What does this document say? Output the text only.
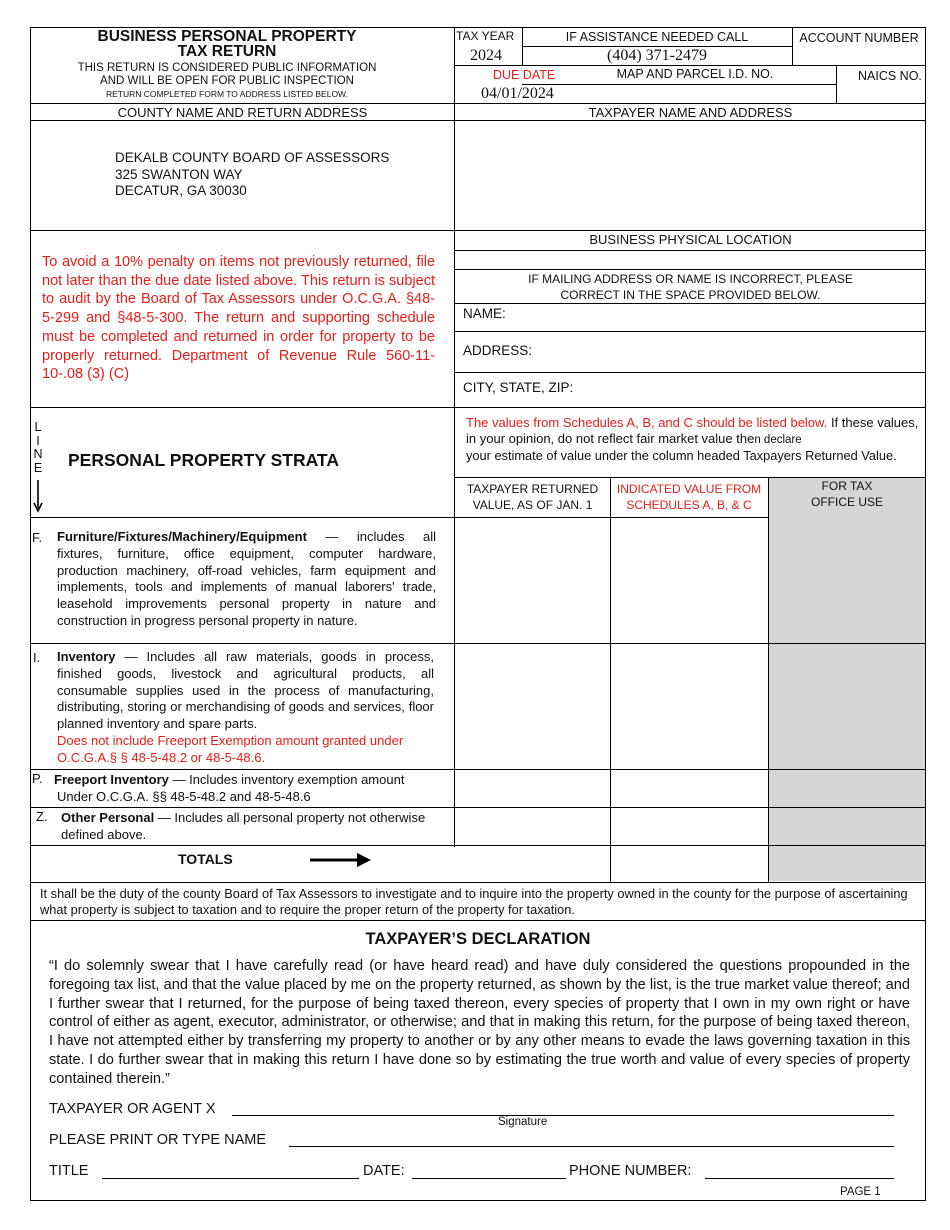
BUSINESS PERSONAL PROPERTY
TAX RETURN
THIS RETURN IS CONSIDERED PUBLIC INFORMATION
AND WILL BE OPEN FOR PUBLIC INSPECTION
RETURN COMPLETED FORM TO ADDRESS LISTED BELOW.
TAX YEAR
2024
IF ASSISTANCE NEEDED CALL
(404) 371-2479
ACCOUNT NUMBER
DUE DATE
04/01/2024
MAP AND PARCEL I.D. NO.	NAICS NO.
COUNTY NAME AND RETURN ADDRESS	TAXPAYER NAME AND ADDRESS
DEKALB COUNTY BOARD OF ASSESSORS
325 SWANTON WAY
DECATUR, GA 30030
To avoid a 10% penalty on items not previously returned, file not later than the due date listed above. This return is subject to audit by the Board of Tax Assessors under O.C.G.A. §48-5-299 and §48-5-300. The return and supporting schedule must be completed and returned in order for property to be properly returned. Department of Revenue Rule 560-11-10-.08 (3) (C)
BUSINESS PHYSICAL LOCATION
IF MAILING ADDRESS OR NAME IS INCORRECT, PLEASE
CORRECT IN THE SPACE PROVIDED BELOW.
NAME:
ADDRESS:
CITY, STATE, ZIP:
L
I
N
E PERSONAL PROPERTY STRATA
The values from Schedules A, B, and C should be listed below. If these values, in your opinion, do not reflect fair market value then declare
your estimate of value under the column headed Taxpayers Returned Value.
TAXPAYER RETURNED
VALUE, AS OF JAN. 1
INDICATED VALUE FROM
SCHEDULES A, B, & C
FOR TAX
OFFICE USE
F. Furniture/Fixtures/Machinery/Equipment — includes all fixtures, furniture, office equipment, computer hardware, production machinery, off-road vehicles, farm equipment and implements, tools and implements of manual laborers' trade, leasehold improvements personal property in nature and construction in progress personal property in nature.
I. Inventory — Includes all raw materials, goods in process, finished goods, livestock and agricultural products, all consumable supplies used in the process of manufacturing, distributing, storing or merchandising of goods and services, floor planned inventory and spare parts.
Does not include Freeport Exemption amount granted under O.C.G.A.§ § 48-5-48.2 or 48-5-48.6.
P. Freeport Inventory — Includes inventory exemption amount
Under O.C.G.A. §§ 48-5-48.2 and 48-5-48.6
Z. Other Personal — Includes all personal property not otherwise
defined above.
TOTALS
It shall be the duty of the county Board of Tax Assessors to investigate and to inquire into the property owned in the county for the purpose of ascertaining what property is subject to taxation and to require the proper return of the property for taxation.
TAXPAYER’S DECLARATION
“I do solemnly swear that I have carefully read (or have heard read) and have duly considered the questions propounded in the foregoing tax list, and that the value placed by me on the property returned, as shown by the list, is the true market value thereof; and I further swear that I returned, for the purpose of being taxed thereon, every species of property that I own in my own right or have control of either as agent, executor, administrator, or otherwise; and that in making this return, for the purpose of being taxed thereon, I have not attempted either by transferring my property to another or by any other means to evade the laws governing taxation in this state. I do further swear that in making this return I have done so by estimating the true worth and value of every species of property contained therein.”
TAXPAYER OR AGENT X
Signature
PLEASE PRINT OR TYPE NAME
TITLE	DATE:	PHONE NUMBER:
PAGE 1
